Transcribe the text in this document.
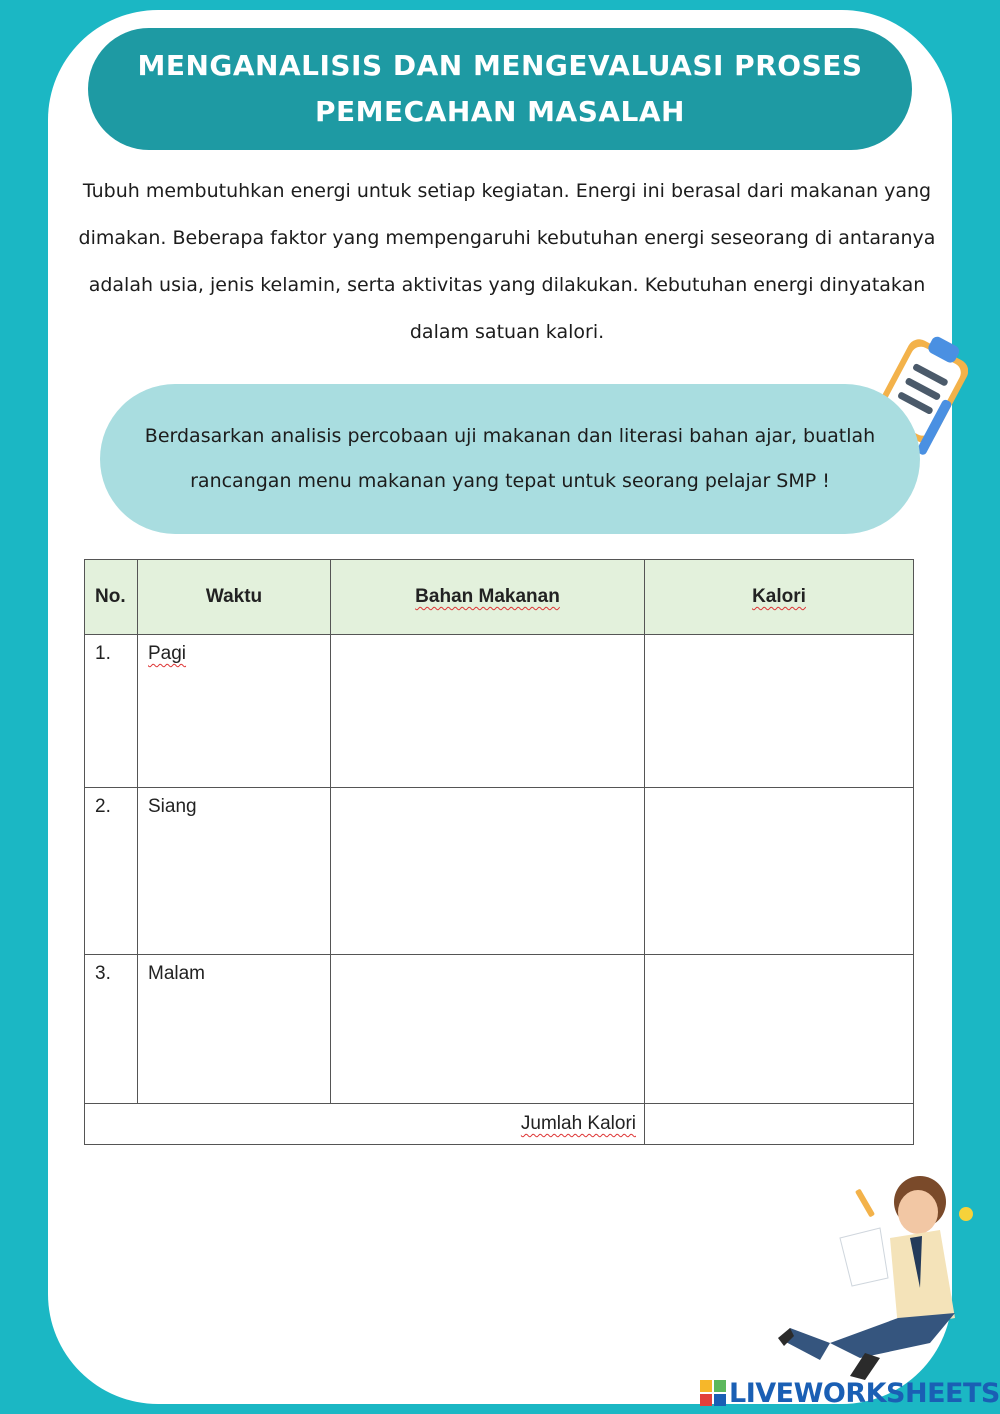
MENGANALISIS DAN MENGEVALUASI PROSES PEMECAHAN MASALAH
Tubuh membutuhkan energi untuk setiap kegiatan. Energi ini berasal dari makanan yang dimakan. Beberapa faktor yang mempengaruhi kebutuhan energi seseorang di antaranya adalah usia, jenis kelamin, serta aktivitas yang dilakukan. Kebutuhan energi dinyatakan dalam satuan kalori.
Berdasarkan analisis percobaan uji makanan dan literasi bahan ajar, buatlah rancangan menu makanan yang tepat untuk seorang pelajar SMP !
No.	Waktu	Bahan Makanan	Kalori

1.	Pagi		

2.	Siang		

3.	Malam		

Jumlah Kalori			
LIVEWORKSHEETS
